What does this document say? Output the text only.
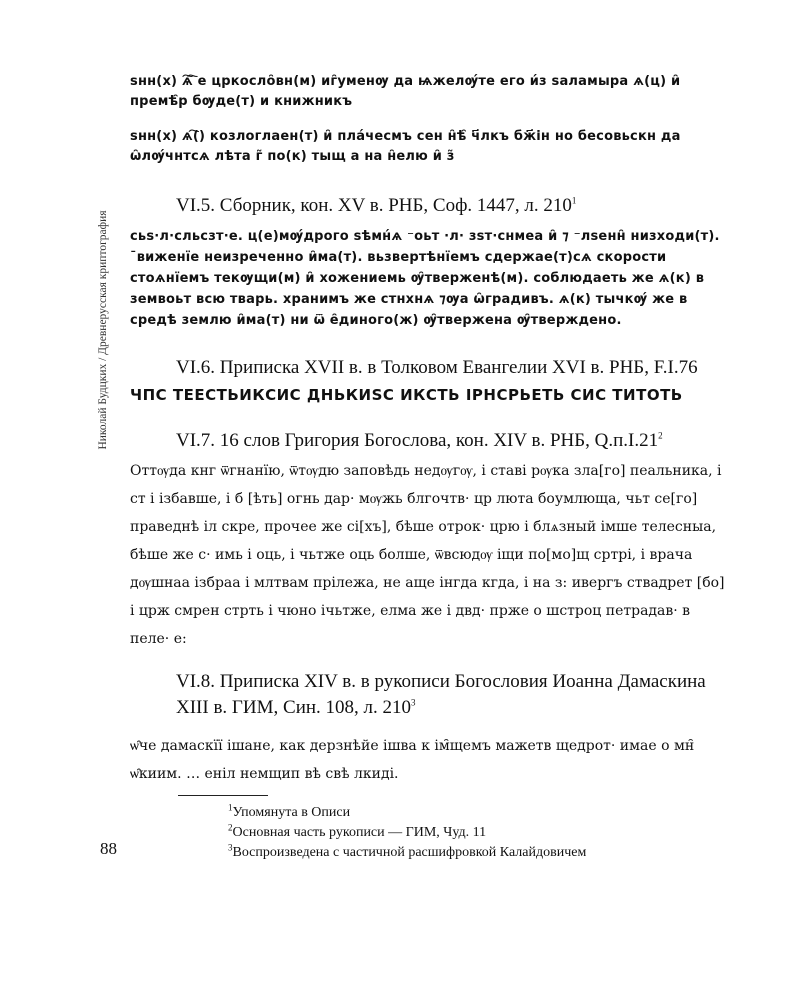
Николай Будцких / Древнерусская криптография
ѕнн(х) ѧ҇ ҇е цркосло̑вн(м) иг̑уменѹ да ѩжелѹ́те его и́з ѕаламыра ѧ(ц) и̑ премѣ̑р бѹде(т) и книжникъ
ѕнн(х) ѧ(҇) козлоглаен(т) и̑ пла́чесмъ сен н̑ѣ̑ ч҃лкъ бж҃ін но бесовьскн да ѡ̑лѹ́чнтсѧ лѣта г̃ по(к) тыщ а на н̑елю и̑ з̃
VI.5. Сборник, кон. XV в. РНБ, Соф. 1447, л. $210^1$
сьѕ·л·сльсзт·е. ц(е)мѹ́дрого ѕѣмн́ѧ ⁻оьт ·л· зѕт·снмеа и̑ ⁊ ⁻лѕенн̑ низходи(т). ˉвиженїе неизреченно и̑ма(т). вьзвертѣнїемъ сдержае(т)сѧ скорости стоѧнїемъ текѹщи(м) и̑ хожениемь ѹ̑тверженѣ(м). соблюдаеть же ѧ(к) в земвоьт всю тварь. хранимъ же стнхнѧ ⁊ѹа ѡ̑градивъ. ѧ(к) тычкѹ́ же в средѣ землю и̑ма(т) ни ѿ е̑диного(ж) ѹ̑твержена ѹ̑тверждено.
VI.6. Приписка XVII в. в Толковом Евангелии XVI в. РНБ, F.I.76
ЧПС ТЕЕСТЬИКСИС ДНЬКИЅС ИКСТЬ ІРНСРЬЕТЬ СИС ТИТОТЬ
VI.7. 16 слов Григория Богослова, кон. XIV в. РНБ, $Q.п.I.21^2$
Оттѹда кнг ѿгнанїю, ѿтѹдю заповѣдь недѹгѹ, і ставі рѹка зла[го] пеальника, і ст і ізбавше, і б [ѣть] огнь дар· мѹжь блгочтв· цр люта боумлюща, чьт се[го] праведнѣ іл скре, прочее же сі[хъ], бѣше отрок· црю і блѧзный імше телесныа, бѣше же с· имь і оць, і чьтже оць болше, ѿвсюдѹ іщи по[мо]щ сртрі, і врача дѹшнаа ізбраа і млтвам прілежа, не аще інгда кгда, і на з: ивергъ ствадрет [бо] і црж смрен стрть і чюно ічьтже, елма же і двд· прже о шстроц петрадав· в пеле· е:
VI.8. Приписка XIV в. в рукописи Богословия Иоанна Дамаскина XIII в. ГИМ, Син. 108, л. $210^3$
ѡ̑че дамаскїї ішане, как дерзнѣйе ішва к ім̑щемъ мажетв щедрот· имае о мн̑ ѡ̑киим. … еніл немщип вѣ свѣ лкиді.
$^1$Упомянута в Описи
$^2$Основная часть рукописи — ГИМ, Чуд. 11
$^3$Воспроизведена с частичной расшифровкой Калайдовичем
88
